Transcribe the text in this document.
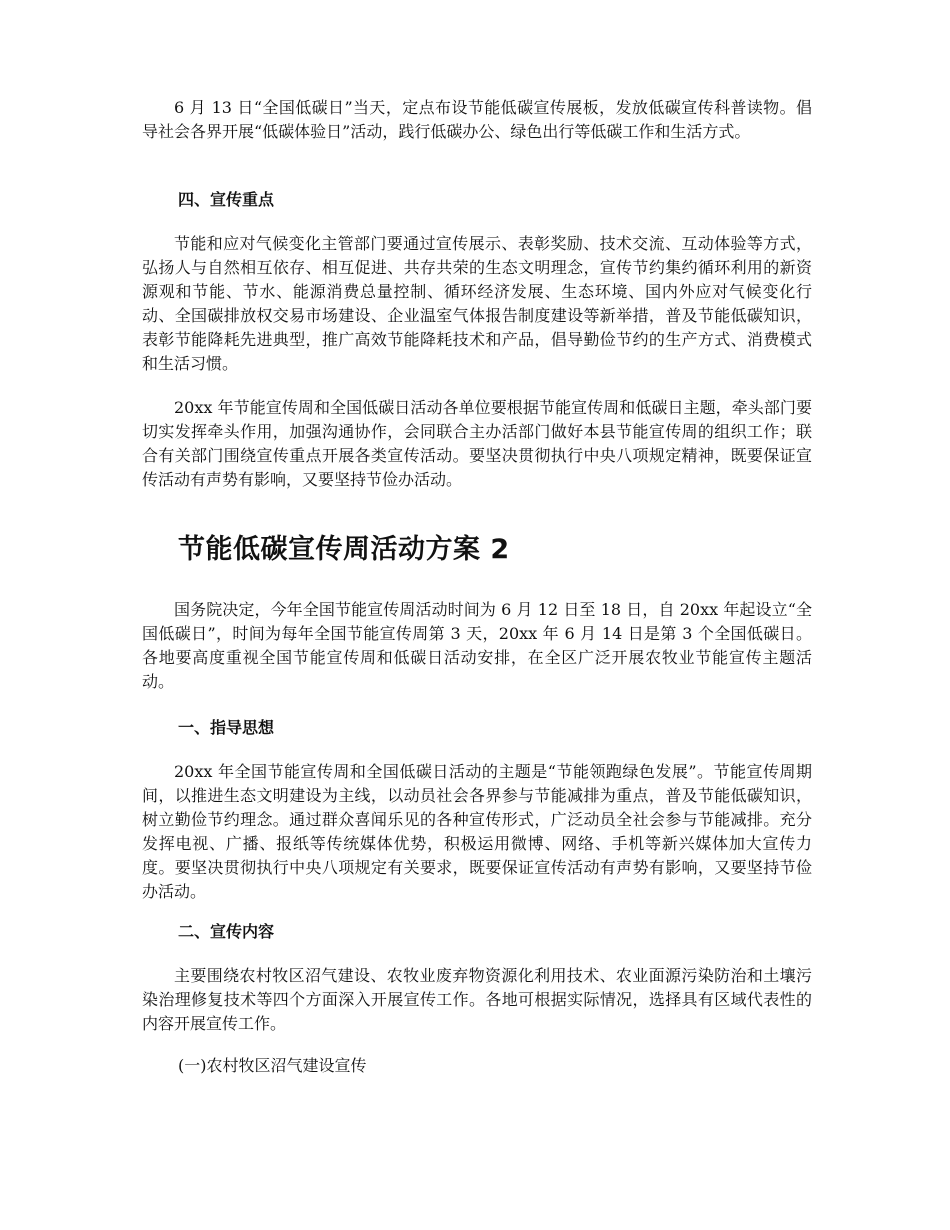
6 月 13 日“全国低碳日”当天，定点布设节能低碳宣传展板，发放低碳宣传科普读物。倡导社会各界开展“低碳体验日”活动，践行低碳办公、绿色出行等低碳工作和生活方式。

四、宣传重点

节能和应对气候变化主管部门要通过宣传展示、表彰奖励、技术交流、互动体验等方式，弘扬人与自然相互依存、相互促进、共存共荣的生态文明理念，宣传节约集约循环利用的新资源观和节能、节水、能源消费总量控制、循环经济发展、生态环境、国内外应对气候变化行动、全国碳排放权交易市场建设、企业温室气体报告制度建设等新举措，普及节能低碳知识，表彰节能降耗先进典型，推广高效节能降耗技术和产品，倡导勤俭节约的生产方式、消费模式和生活习惯。

20xx 年节能宣传周和全国低碳日活动各单位要根据节能宣传周和低碳日主题，牵头部门要切实发挥牵头作用，加强沟通协作，会同联合主办活部门做好本县节能宣传周的组织工作；联合有关部门围绕宣传重点开展各类宣传活动。要坚决贯彻执行中央八项规定精神，既要保证宣传活动有声势有影响，又要坚持节俭办活动。

节能低碳宣传周活动方案 2

国务院决定，今年全国节能宣传周活动时间为 6 月 12 日至 18 日，自 20xx 年起设立“全国低碳日”，时间为每年全国节能宣传周第 3 天，20xx 年 6 月 14 日是第 3 个全国低碳日。各地要高度重视全国节能宣传周和低碳日活动安排，在全区广泛开展农牧业节能宣传主题活动。

一、指导思想

20xx 年全国节能宣传周和全国低碳日活动的主题是“节能领跑绿色发展”。节能宣传周期间，以推进生态文明建设为主线，以动员社会各界参与节能减排为重点，普及节能低碳知识，树立勤俭节约理念。通过群众喜闻乐见的各种宣传形式，广泛动员全社会参与节能减排。充分发挥电视、广播、报纸等传统媒体优势，积极运用微博、网络、手机等新兴媒体加大宣传力度。要坚决贯彻执行中央八项规定有关要求，既要保证宣传活动有声势有影响，又要坚持节俭办活动。

二、宣传内容

主要围绕农村牧区沼气建设、农牧业废弃物资源化利用技术、农业面源污染防治和土壤污染治理修复技术等四个方面深入开展宣传工作。各地可根据实际情况，选择具有区域代表性的内容开展宣传工作。

(一)农村牧区沼气建设宣传
